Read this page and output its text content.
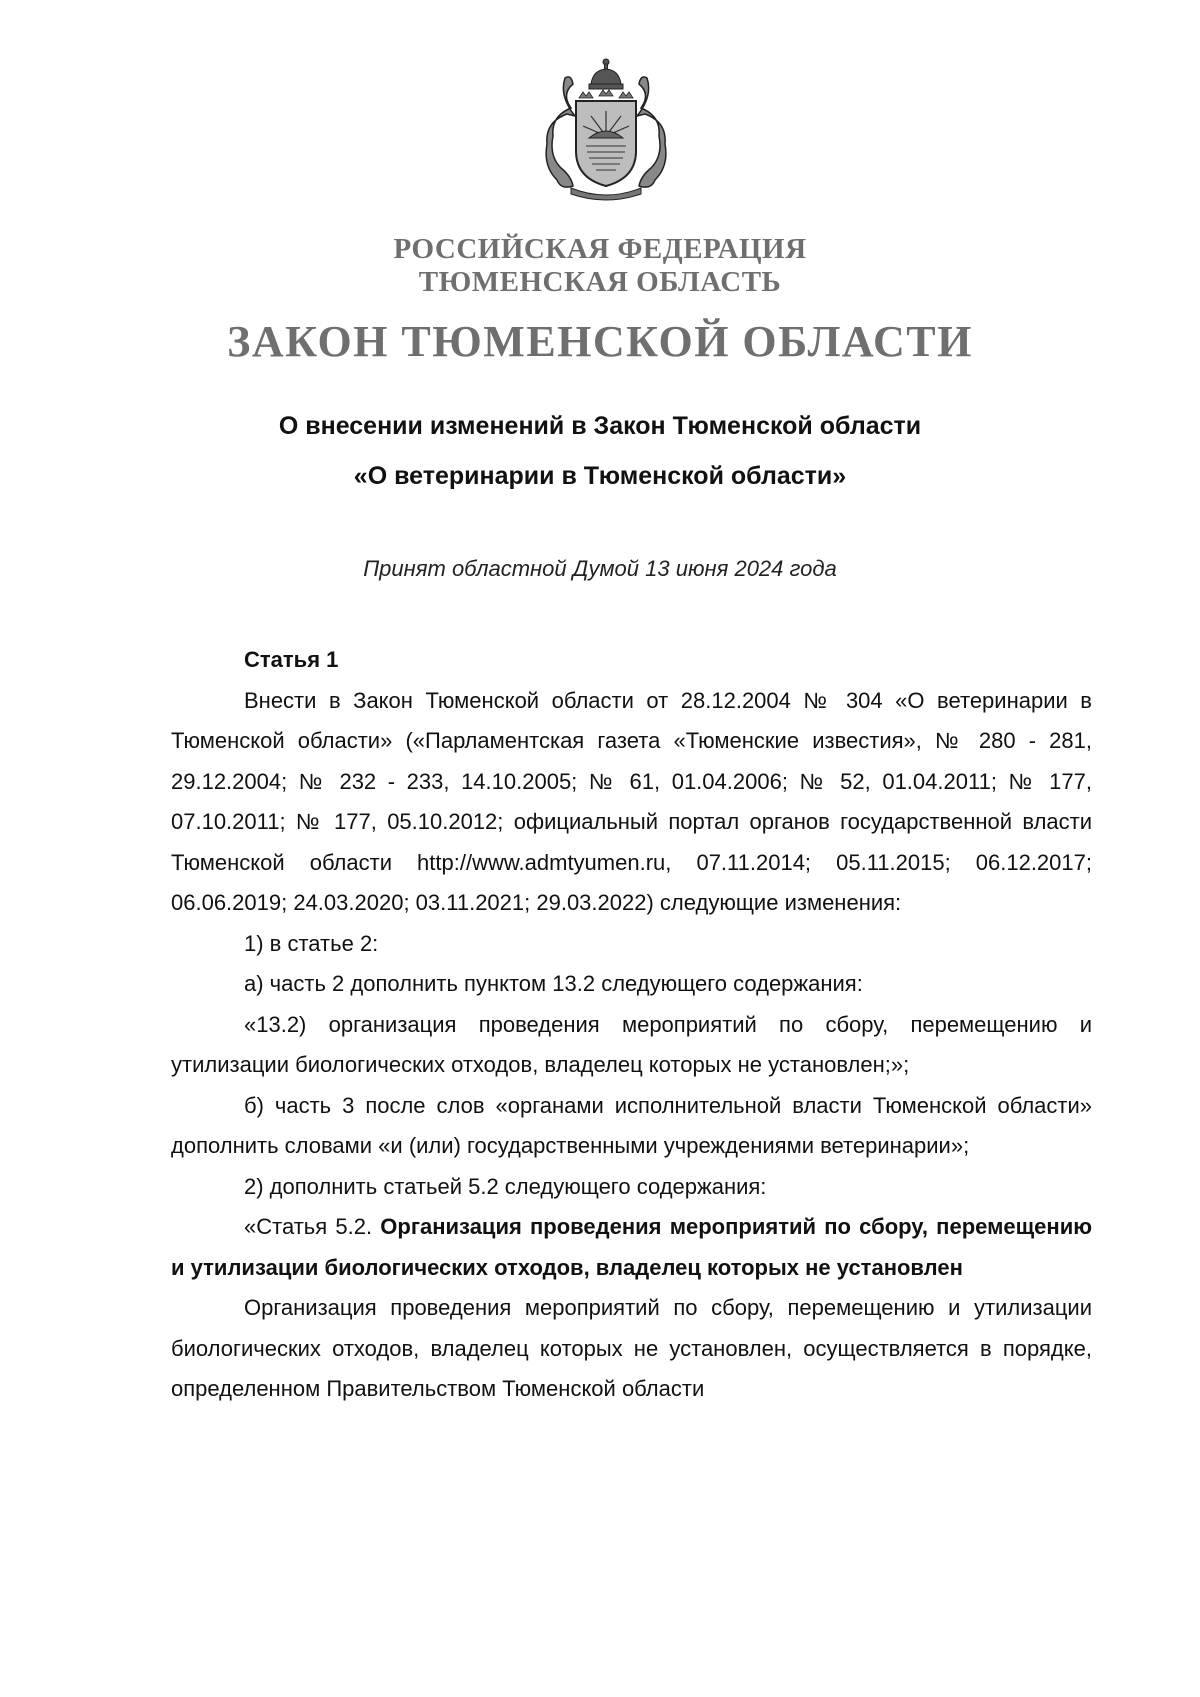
РОССИЙСКАЯ ФЕДЕРАЦИЯ
ТЮМЕНСКАЯ ОБЛАСТЬ
ЗАКОН ТЮМЕНСКОЙ ОБЛАСТИ
О внесении изменений в Закон Тюменской области
«О ветеринарии в Тюменской области»
Принят областной Думой 13 июня 2024 года

Статья 1

Внести в Закон Тюменской области от 28.12.2004 № 304 «О ветеринарии в Тюменской области» («Парламентская газета «Тюменские известия», № 280 - 281, 29.12.2004; № 232 - 233, 14.10.2005; № 61, 01.04.2006; № 52, 01.04.2011; № 177, 07.10.2011; № 177, 05.10.2012; официальный портал органов государственной власти Тюменской области http://www.admtyumen.ru, 07.11.2014; 05.11.2015; 06.12.2017; 06.06.2019; 24.03.2020; 03.11.2021; 29.03.2022) следующие изменения:

1) в статье 2:

а) часть 2 дополнить пунктом 13.2 следующего содержания:

«13.2) организация проведения мероприятий по сбору, перемещению и утилизации биологических отходов, владелец которых не установлен;»;

б) часть 3 после слов «органами исполнительной власти Тюменской области» дополнить словами «и (или) государственными учреждениями ветеринарии»;

2) дополнить статьей 5.2 следующего содержания:

«Статья 5.2. Организация проведения мероприятий по сбору, перемещению и утилизации биологических отходов, владелец которых не установлен

Организация проведения мероприятий по сбору, перемещению и утилизации биологических отходов, владелец которых не установлен, осуществляется в порядке, определенном Правительством Тюменской области
